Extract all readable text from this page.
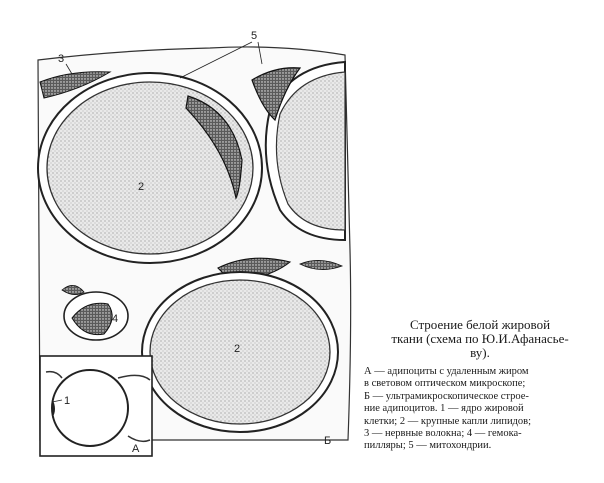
2
3
5
2
4
Б
1
А

Строение белой жировой
ткани (схема по Ю.И.Афанасье-
ву).

А — адипоциты с удаленным жиром
в световом оптическом микроскопе;
Б — ультрамикроскопическое строе-
ние адипоцитов. 1 — ядро жировой
клетки; 2 — крупные капли липидов;
3 — нервные волокна; 4 — гемока-
пилляры; 5 — митохондрии.
